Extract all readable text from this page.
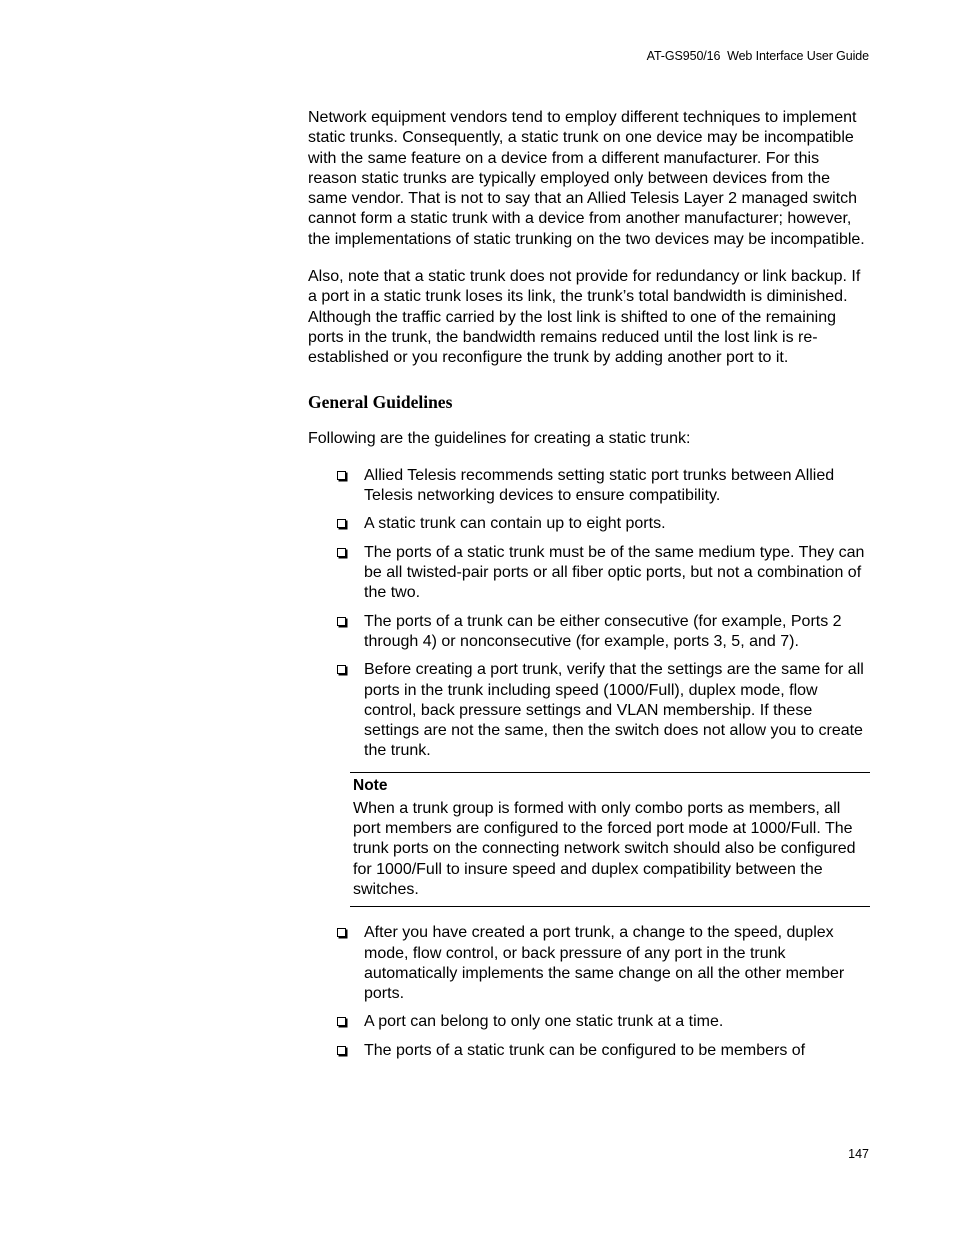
AT-GS950/16  Web Interface User Guide

Network equipment vendors tend to employ different techniques to implement static trunks. Consequently, a static trunk on one device may be incompatible with the same feature on a device from a different manufacturer. For this reason static trunks are typically employed only between devices from the same vendor. That is not to say that an Allied Telesis Layer 2 managed switch cannot form a static trunk with a device from another manufacturer; however, the implementations of static trunking on the two devices may be incompatible.

Also, note that a static trunk does not provide for redundancy or link backup. If a port in a static trunk loses its link, the trunk’s total bandwidth is diminished. Although the traffic carried by the lost link is shifted to one of the remaining ports in the trunk, the bandwidth remains reduced until the lost link is re-established or you reconfigure the trunk by adding another port to it.

General Guidelines

Following are the guidelines for creating a static trunk:

Allied Telesis recommends setting static port trunks between Allied Telesis networking devices to ensure compatibility.
A static trunk can contain up to eight ports.
The ports of a static trunk must be of the same medium type. They can be all twisted-pair ports or all fiber optic ports, but not a combination of the two.
The ports of a trunk can be either consecutive (for example, Ports 2 through 4) or nonconsecutive (for example, ports 3, 5, and 7).
Before creating a port trunk, verify that the settings are the same for all ports in the trunk including speed (1000/Full), duplex mode, flow control, back pressure settings and VLAN membership. If these settings are not the same, then the switch does not allow you to create the trunk.

Note

When a trunk group is formed with only combo ports as members, all port members are configured to the forced port mode at 1000/Full. The trunk ports on the connecting network switch should also be configured for 1000/Full to insure speed and duplex compatibility between the switches.

After you have created a port trunk, a change to the speed, duplex mode, flow control, or back pressure of any port in the trunk automatically implements the same change on all the other member ports.
A port can belong to only one static trunk at a time.
The ports of a static trunk can be configured to be members of
147
